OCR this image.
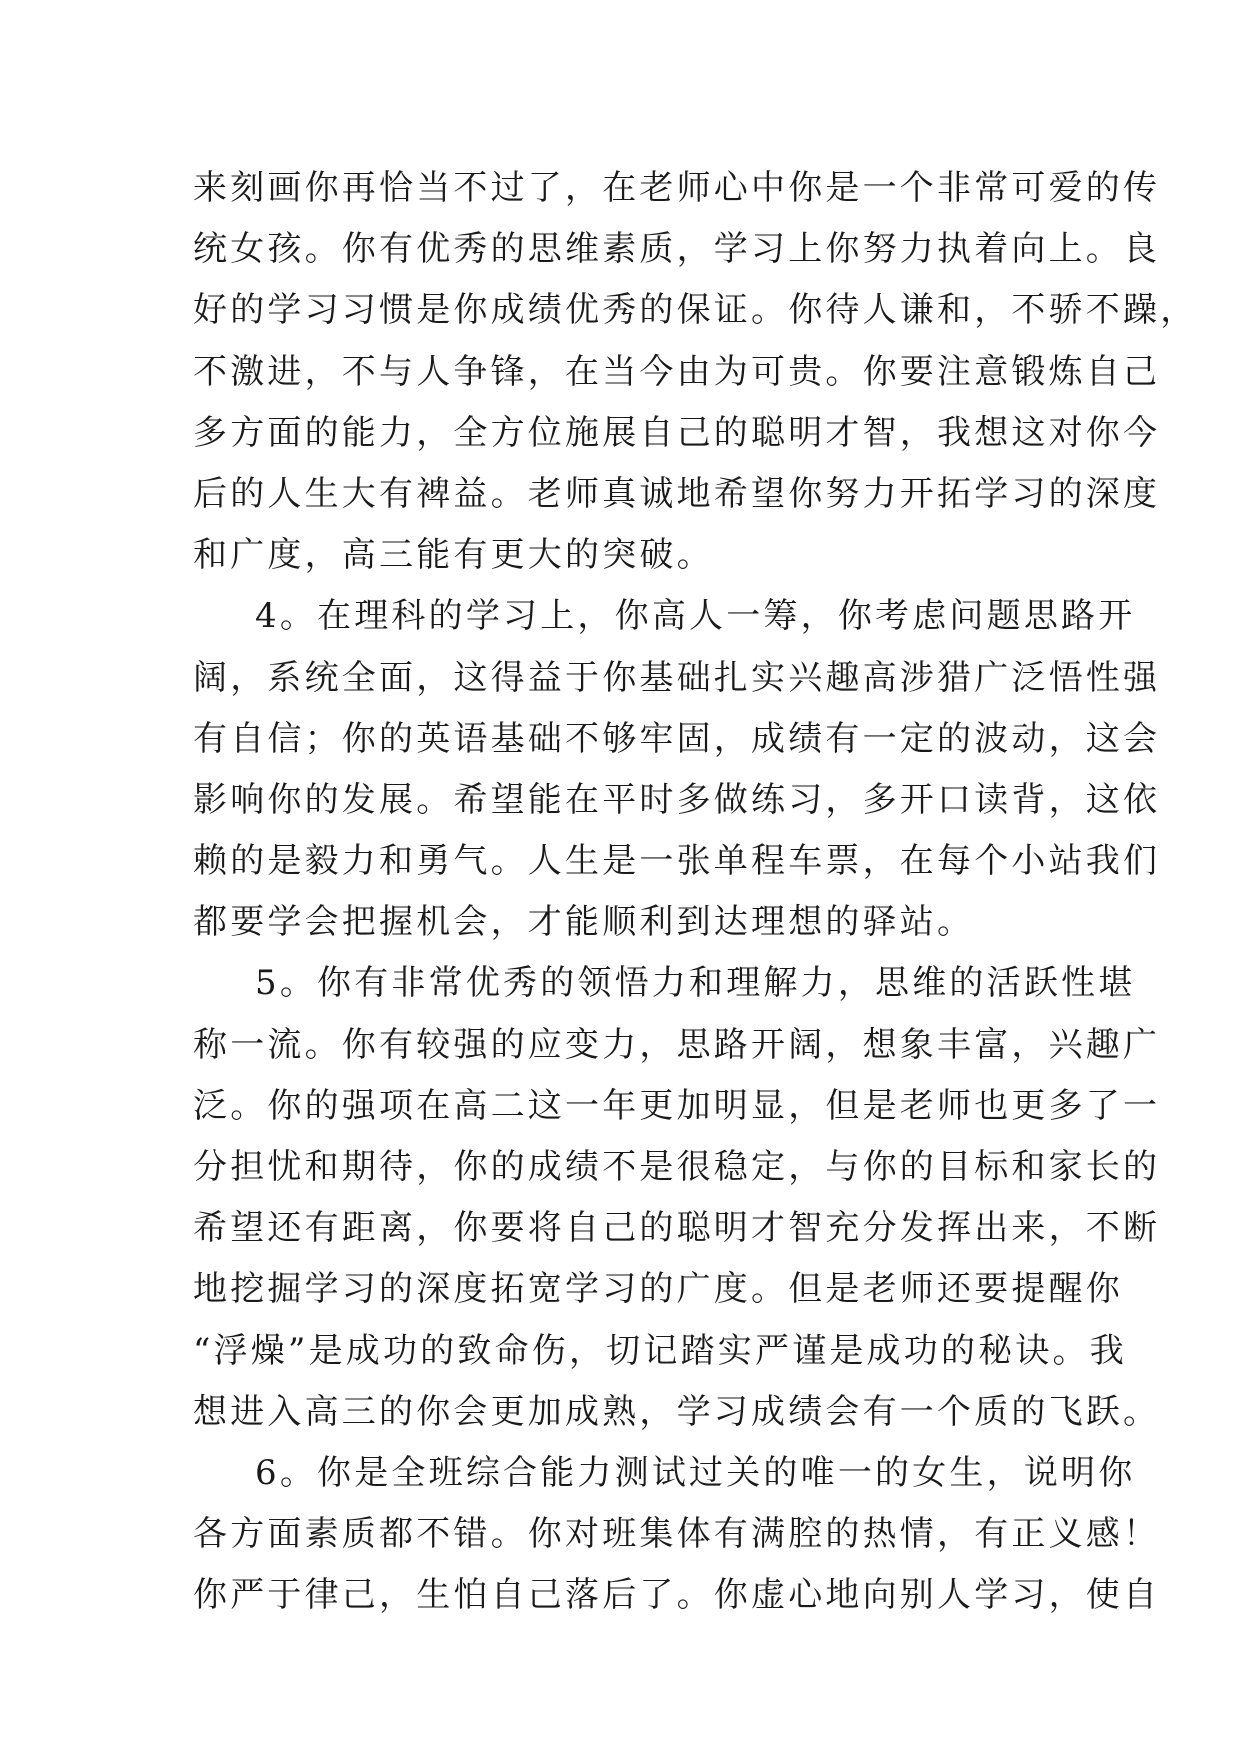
来刻画你再恰当不过了，在老师心中你是一个非常可爱的传
统女孩。你有优秀的思维素质，学习上你努力执着向上。良
好的学习习惯是你成绩优秀的保证。你待人谦和，不骄不躁，
不激进，不与人争锋，在当今由为可贵。你要注意锻炼自己
多方面的能力，全方位施展自己的聪明才智，我想这对你今
后的人生大有裨益。老师真诚地希望你努力开拓学习的深度
和广度，高三能有更大的突破。
4。在理科的学习上，你高人一筹，你考虑问题思路开
阔，系统全面，这得益于你基础扎实兴趣高涉猎广泛悟性强
有自信；你的英语基础不够牢固，成绩有一定的波动，这会
影响你的发展。希望能在平时多做练习，多开口读背，这依
赖的是毅力和勇气。人生是一张单程车票，在每个小站我们
都要学会把握机会，才能顺利到达理想的驿站。
5。你有非常优秀的领悟力和理解力，思维的活跃性堪
称一流。你有较强的应变力，思路开阔，想象丰富，兴趣广
泛。你的强项在高二这一年更加明显，但是老师也更多了一
分担忧和期待，你的成绩不是很稳定，与你的目标和家长的
希望还有距离，你要将自己的聪明才智充分发挥出来，不断
地挖掘学习的深度拓宽学习的广度。但是老师还要提醒你
“浮燥”是成功的致命伤，切记踏实严谨是成功的秘诀。我
想进入高三的你会更加成熟，学习成绩会有一个质的飞跃。
6。你是全班综合能力测试过关的唯一的女生，说明你
各方面素质都不错。你对班集体有满腔的热情，有正义感！
你严于律己，生怕自己落后了。你虚心地向别人学习，使自
